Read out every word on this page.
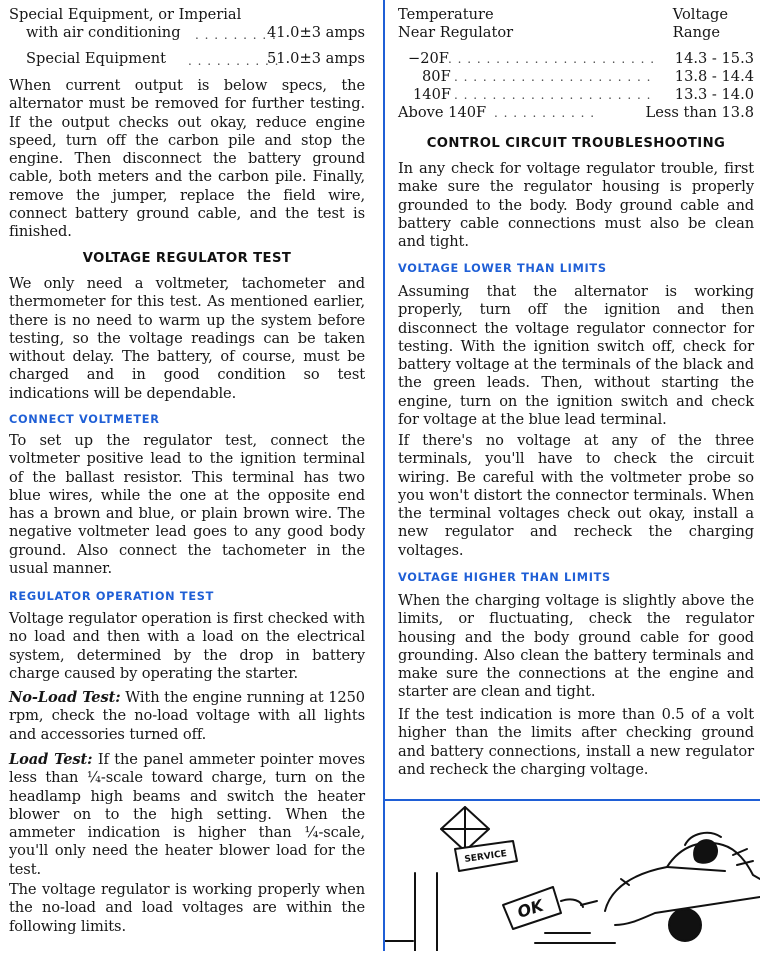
Special Equipment, or Imperial
with air conditioning . . . . . . . . .
41.0±3 amps
Special Equipment . . . . . . . . . .
51.0±3 amps

When current output is below specs, the alternator must be removed for further testing. If the output checks out okay, reduce engine speed, turn off the carbon pile and stop the engine. Then disconnect the battery ground cable, both meters and the carbon pile. Finally, remove the jumper, replace the field wire, connect battery ground cable, and the test is finished.

VOLTAGE REGULATOR TEST

We only need a voltmeter, tachometer and thermometer for this test. As mentioned earlier, there is no need to warm up the system before testing, so the voltage readings can be taken without delay. The battery, of course, must be charged and in good condition so test indications will be dependable.

CONNECT VOLTMETER

To set up the regulator test, connect the voltmeter positive lead to the ignition terminal of the ballast resistor. This terminal has two blue wires, while the one at the opposite end has a brown and blue, or plain brown wire. The negative voltmeter lead goes to any good body ground. Also connect the tachometer in the usual manner.

REGULATOR OPERATION TEST

Voltage regulator operation is first checked with no load and then with a load on the electrical system, determined by the drop in battery charge caused by operating the starter.

No-Load Test: With the engine running at 1250 rpm, check the no-load voltage with all lights and accessories turned off.

Load Test: If the panel ammeter pointer moves less than ¼-scale toward charge, turn on the headlamp high beams and switch the heater blower on to the high setting. When the ammeter indication is higher than ¼-scale, you'll only need the heater blower load for the test.

The voltage regulator is working properly when the no-load and load voltages are within the following limits.

Temperature	Voltage
Near Regulator	Range
−20F . . . . . . . . . . . . . . . . . . . . . . 14.3 - 15.3
80F . . . . . . . . . . . . . . . . . . . . . 13.8 - 14.4
140F . . . . . . . . . . . . . . . . . . . . . 13.3 - 14.0
Above 140F . . . . . . . . . . .	Less than 13.8
CONTROL CIRCUIT TROUBLESHOOTING

In any check for voltage regulator trouble, first make sure the regulator housing is properly grounded to the body. Body ground cable and battery cable connections must also be clean and tight.

VOLTAGE LOWER THAN LIMITS

Assuming that the alternator is working properly, turn off the ignition and then disconnect the voltage regulator connector for testing. With the ignition switch off, check for battery voltage at the terminals of the black and the green leads. Then, without starting the engine, turn on the ignition switch and check for voltage at the blue lead terminal.

If there's no voltage at any of the three terminals, you'll have to check the circuit wiring. Be careful with the voltmeter probe so you won't distort the connector terminals. When the terminal voltages check out okay, install a new regulator and recheck the charging voltages.

VOLTAGE HIGHER THAN LIMITS

When the charging voltage is slightly above the limits, or fluctuating, check the regulator housing and the body ground cable for good grounding. Also clean the battery terminals and make sure the connections at the engine and starter are clean and tight.

If the test indication is more than 0.5 of a volt higher than the limits after checking ground and battery connections, install a new regulator and recheck the charging voltage.

SERVICE
OK
